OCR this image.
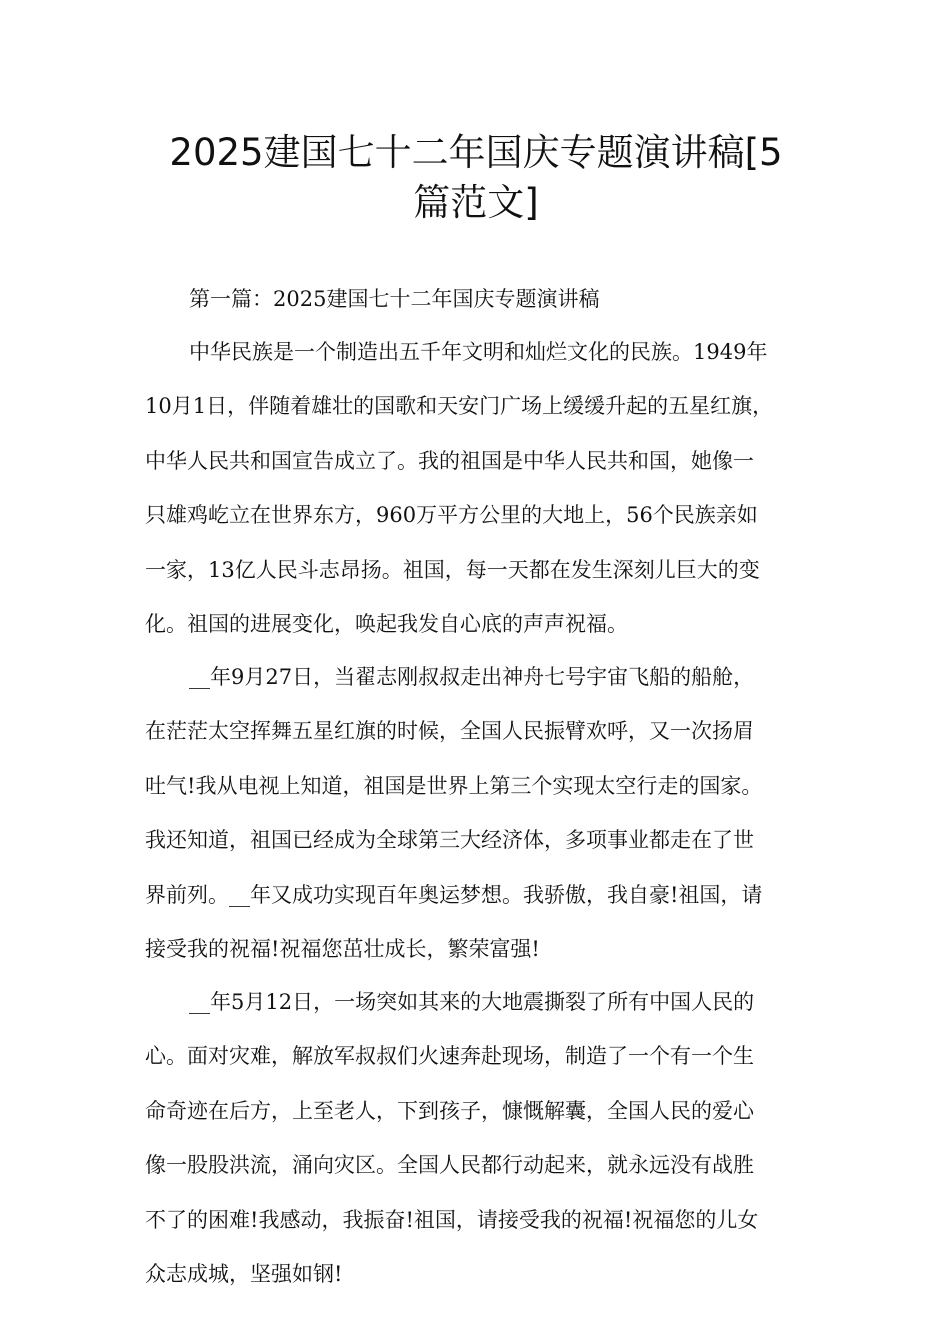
2025建国七十二年国庆专题演讲稿[5
篇范文]

第一篇：2025建国七十二年国庆专题演讲稿

中华民族是一个制造出五千年文明和灿烂文化的民族。1949年
10月1日，伴随着雄壮的国歌和天安门广场上缓缓升起的五星红旗，
中华人民共和国宣告成立了。我的祖国是中华人民共和国，她像一
只雄鸡屹立在世界东方，960万平方公里的大地上，56个民族亲如
一家，13亿人民斗志昂扬。祖国，每一天都在发生深刻儿巨大的变
化。祖国的进展变化，唤起我发自心底的声声祝福。
__年9月27日，当翟志刚叔叔走出神舟七号宇宙飞船的船舱，
在茫茫太空挥舞五星红旗的时候，全国人民振臂欢呼，又一次扬眉
吐气!我从电视上知道，祖国是世界上第三个实现太空行走的国家。
我还知道，祖国已经成为全球第三大经济体，多项事业都走在了世
界前列。__年又成功实现百年奥运梦想。我骄傲，我自豪!祖国，请
接受我的祝福!祝福您茁壮成长，繁荣富强!
__年5月12日，一场突如其来的大地震撕裂了所有中国人民的
心。面对灾难，解放军叔叔们火速奔赴现场，制造了一个有一个生
命奇迹在后方，上至老人，下到孩子，慷慨解囊，全国人民的爱心
像一股股洪流，涌向灾区。全国人民都行动起来，就永远没有战胜
不了的困难!我感动，我振奋!祖国，请接受我的祝福!祝福您的儿女
众志成城，坚强如钢!
